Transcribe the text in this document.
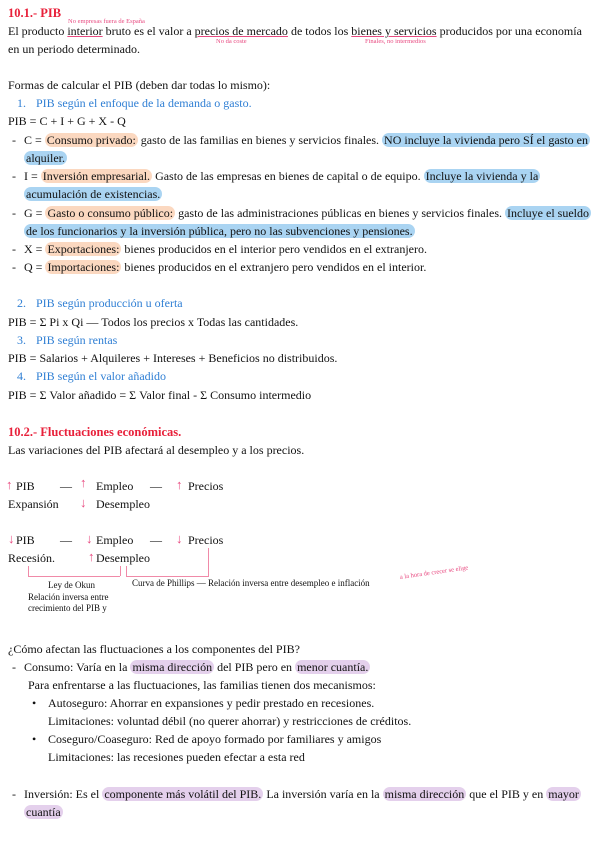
10.1.- PIB
No empresas fuera de España
No da coste	Finales, no intermedios
El producto interior bruto es el valor a precios de mercado de todos los bienes y servicios producidos por una economía en un periodo determinado.
Formas de calcular el PIB (deben dar todas lo mismo):
1. PIB según el enfoque de la demanda o gasto.
PIB = C + I + G + X - Q
- C = Consumo privado: gasto de las familias en bienes y servicios finales. NO incluye la vivienda pero SÍ el gasto en alquiler.
- I = Inversión empresarial. Gasto de las empresas en bienes de capital o de equipo. Incluye la vivienda y la acumulación de existencias.
- G = Gasto o consumo público: gasto de las administraciones públicas en bienes y servicios finales. Incluye el sueldo de los funcionarios y la inversión pública, pero no las subvenciones y pensiones.
- X = Exportaciones: bienes producidos en el interior pero vendidos en el extranjero.
- Q = Importaciones: bienes producidos en el extranjero pero vendidos en el interior.
2. PIB según producción u oferta
PIB = Σ Pi x Qi — Todos los precios x Todas las cantidades.
3. PIB según rentas
PIB = Salarios + Alquileres + Intereses + Beneficios no distribuidos.
4. PIB según el valor añadido
PIB = Σ Valor añadido = Σ Valor final - Σ Consumo intermedio
10.2.- Fluctuaciones económicas.
Las variaciones del PIB afectará al desempleo y a los precios.
↑ PIB — ↑ Empleo — ↑ Precios
Expansión ↓ Desempleo
↓ PIB — ↓ Empleo — ↓ Precios
Recesión.	↑ Desempleo
Ley de Okun
Relación inversa entre
crecimiento del PIB y
Curva de Phillips — Relación inversa entre desempleo e inflación
a la hora de crecer se elige
¿Cómo afectan las fluctuaciones a los componentes del PIB?
- Consumo: Varía en la misma dirección del PIB pero en menor cuantía.
Para enfrentarse a las fluctuaciones, las familias tienen dos mecanismos:
• Autoseguro: Ahorrar en expansiones y pedir prestado en recesiones.
Limitaciones: voluntad débil (no querer ahorrar) y restricciones de créditos.
• Coseguro/Coaseguro: Red de apoyo formado por familiares y amigos
Limitaciones: las recesiones pueden efectar a esta red
- Inversión: Es el componente más volátil del PIB. La inversión varía en la misma dirección que el PIB y en mayor cuantía
